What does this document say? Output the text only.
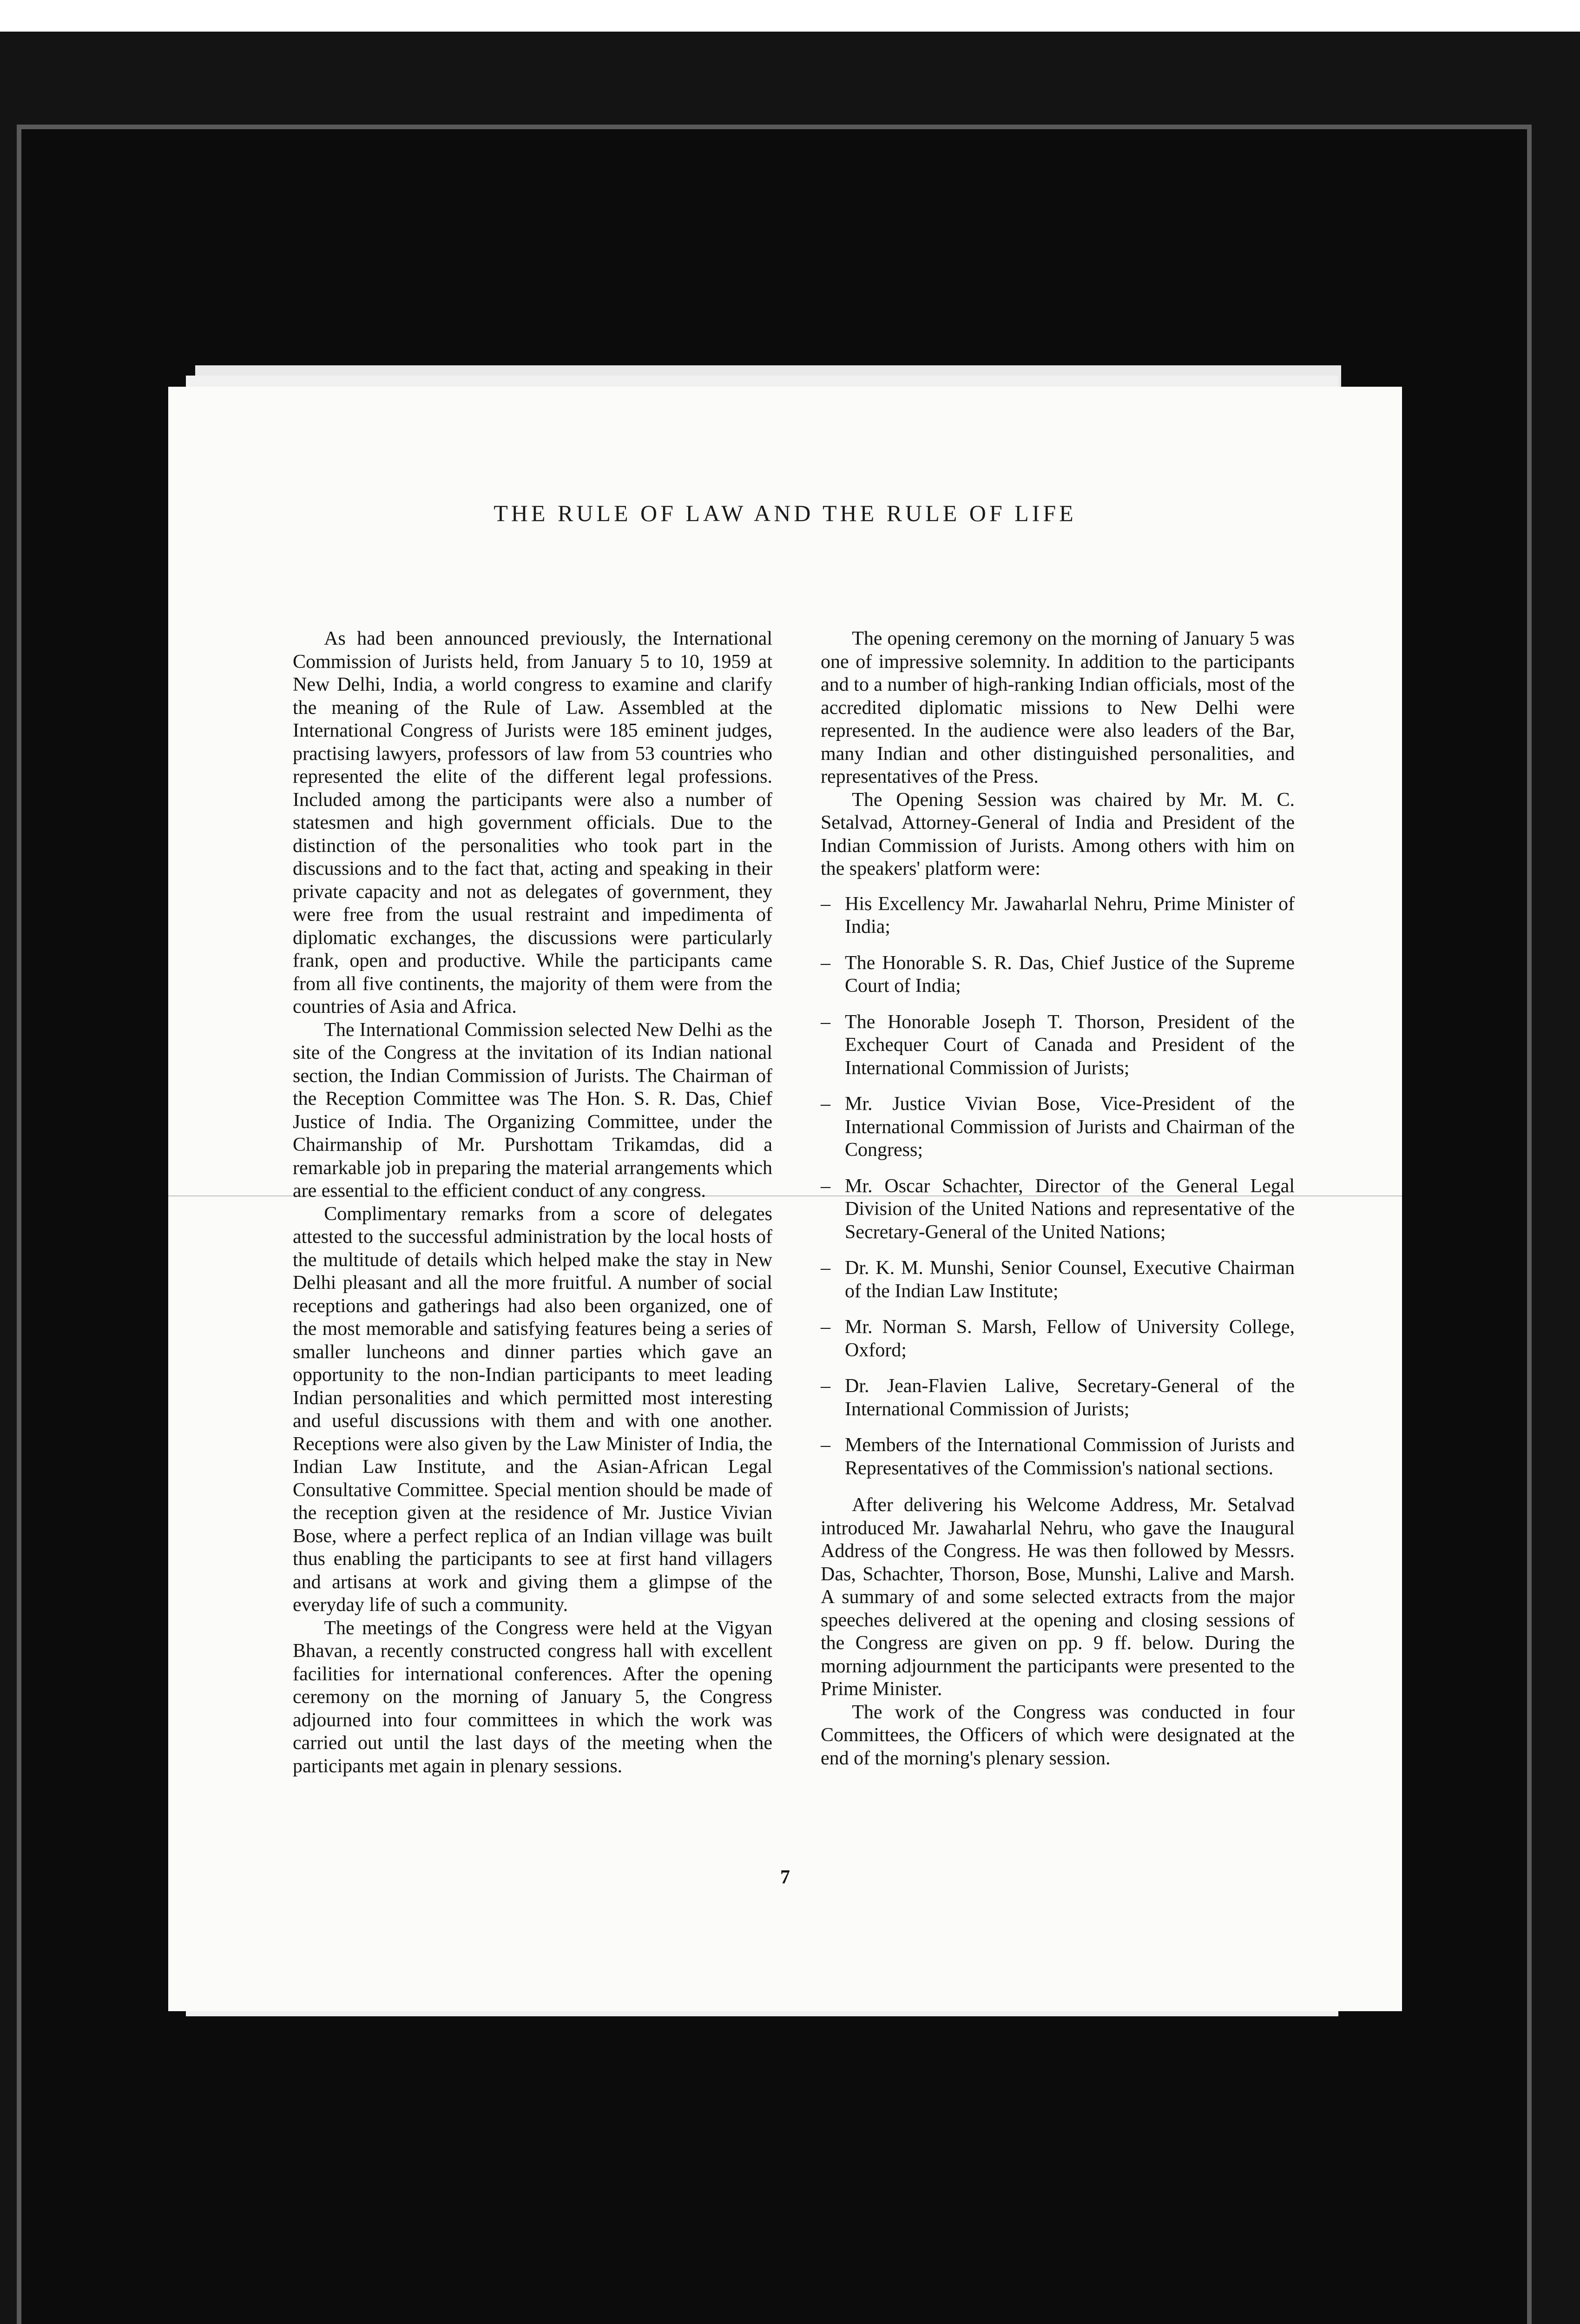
THE RULE OF LAW AND THE RULE OF LIFE

As had been announced previously, the International Commission of Jurists held, from January 5 to 10, 1959 at New Delhi, India, a world congress to examine and clarify the meaning of the Rule of Law. Assembled at the International Congress of Jurists were 185 eminent judges, practising lawyers, professors of law from 53 countries who represented the elite of the different legal professions. Included among the participants were also a number of statesmen and high government officials. Due to the distinction of the personalities who took part in the discussions and to the fact that, acting and speaking in their private capacity and not as delegates of government, they were free from the usual restraint and impedimenta of diplomatic exchanges, the discussions were particularly frank, open and productive. While the participants came from all five continents, the majority of them were from the countries of Asia and Africa.

The International Commission selected New Delhi as the site of the Congress at the invitation of its Indian national section, the Indian Commission of Jurists. The Chairman of the Reception Committee was The Hon. S. R. Das, Chief Justice of India. The Organizing Committee, under the Chairmanship of Mr. Purshottam Trikamdas, did a remarkable job in preparing the material arrangements which are essential to the efficient conduct of any congress.

Complimentary remarks from a score of delegates attested to the successful administration by the local hosts of the multitude of details which helped make the stay in New Delhi pleasant and all the more fruitful. A number of social receptions and gatherings had also been organized, one of the most memorable and satisfying features being a series of smaller luncheons and dinner parties which gave an opportunity to the non-Indian participants to meet leading Indian personalities and which permitted most interesting and useful discussions with them and with one another. Receptions were also given by the Law Minister of India, the Indian Law Institute, and the Asian-African Legal Consultative Committee. Special mention should be made of the reception given at the residence of Mr. Justice Vivian Bose, where a perfect replica of an Indian village was built thus enabling the participants to see at first hand villagers and artisans at work and giving them a glimpse of the everyday life of such a community.

The meetings of the Congress were held at the Vigyan Bhavan, a recently constructed congress hall with excellent facilities for international conferences. After the opening ceremony on the morning of January 5, the Congress adjourned into four committees in which the work was carried out until the last days of the meeting when the participants met again in plenary sessions.

The opening ceremony on the morning of January 5 was one of impressive solemnity. In addition to the participants and to a number of high-ranking Indian officials, most of the accredited diplomatic missions to New Delhi were represented. In the audience were also leaders of the Bar, many Indian and other distinguished personalities, and representatives of the Press.

The Opening Session was chaired by Mr. M. C. Setalvad, Attorney-General of India and President of the Indian Commission of Jurists. Among others with him on the speakers' platform were:

– His Excellency Mr. Jawaharlal Nehru, Prime Minister of India;
– The Honorable S. R. Das, Chief Justice of the Supreme Court of India;
– The Honorable Joseph T. Thorson, President of the Exchequer Court of Canada and President of the International Commission of Jurists;
– Mr. Justice Vivian Bose, Vice-President of the International Commission of Jurists and Chairman of the Congress;
– Mr. Oscar Schachter, Director of the General Legal Division of the United Nations and representative of the Secretary-General of the United Nations;
– Dr. K. M. Munshi, Senior Counsel, Executive Chairman of the Indian Law Institute;
– Mr. Norman S. Marsh, Fellow of University College, Oxford;
– Dr. Jean-Flavien Lalive, Secretary-General of the International Commission of Jurists;
– Members of the International Commission of Jurists and Representatives of the Commission's national sections.

After delivering his Welcome Address, Mr. Setalvad introduced Mr. Jawaharlal Nehru, who gave the Inaugural Address of the Congress. He was then followed by Messrs. Das, Schachter, Thorson, Bose, Munshi, Lalive and Marsh. A summary of and some selected extracts from the major speeches delivered at the opening and closing sessions of the Congress are given on pp. 9 ff. below. During the morning adjournment the participants were presented to the Prime Minister.

The work of the Congress was conducted in four Committees, the Officers of which were designated at the end of the morning's plenary session.

7
